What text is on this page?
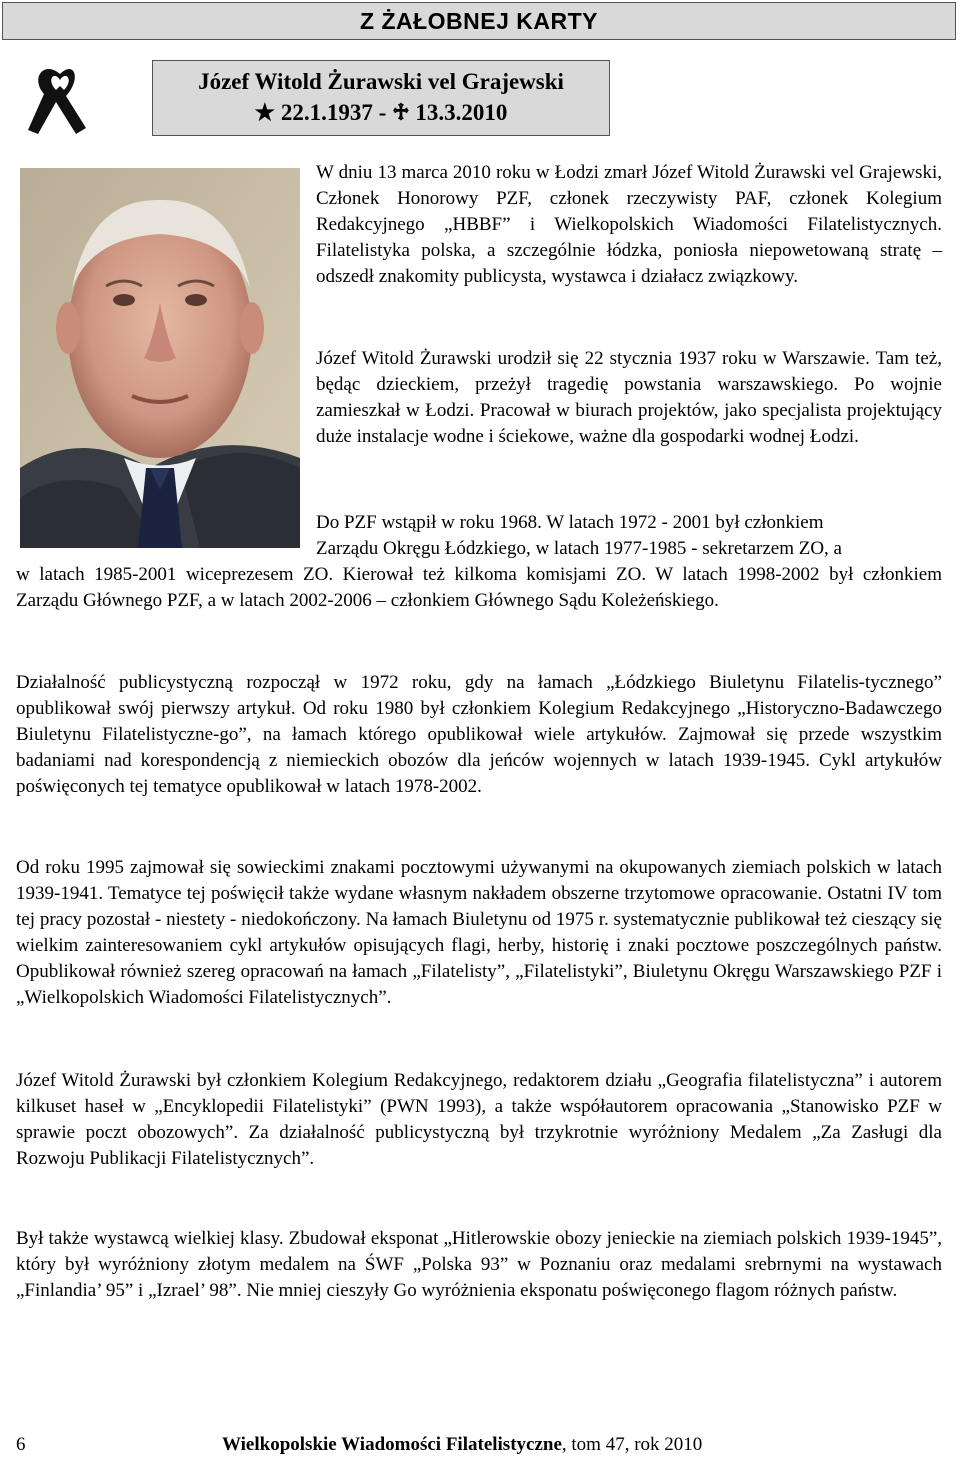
Z ŻAŁOBNEJ KARTY
Józef Witold Żurawski vel Grajewski
★ 22.1.1937 - ♱ 13.3.2010

W dniu 13 marca 2010 roku w Łodzi zmarł Józef Witold Żurawski vel Grajewski, Członek Honorowy PZF, członek rzeczywisty PAF, członek Kolegium Redakcyjnego „HBBF” i Wielkopolskich Wiadomości Filatelistycznych. Filatelistyka polska, a szczególnie łódzka, poniosła niepowetowaną stratę – odszedł znakomity publicysta, wystawca i działacz związkowy.

Józef Witold Żurawski urodził się 22 stycznia 1937 roku w Warszawie. Tam też, będąc dzieckiem, przeżył tragedię powstania warszawskiego. Po wojnie zamieszkał w Łodzi. Pracował w biurach projektów, jako specjalista projektujący duże instalacje wodne i ściekowe, ważne dla gospodarki wodnej Łodzi.

Do PZF wstąpił w roku 1968. W latach 1972 - 2001 był członkiem

Zarządu Okręgu Łódzkiego, w latach 1977-1985 - sekretarzem ZO, a

w latach 1985-2001 wiceprezesem ZO. Kierował też kilkoma komisjami ZO. W latach 1998-2002 był członkiem Zarządu Głównego PZF, a w latach 2002-2006 – członkiem Głównego Sądu Koleżeńskiego.

Działalność publicystyczną rozpoczął w 1972 roku, gdy na łamach „Łódzkiego Biuletynu Filatelis-tycznego” opublikował swój pierwszy artykuł. Od roku 1980 był członkiem Kolegium Redakcyjnego „Historyczno-Badawczego Biuletynu Filatelistyczne-go”, na łamach którego opublikował wiele artykułów. Zajmował się przede wszystkim badaniami nad korespondencją z niemieckich obozów dla jeńców wojennych w latach 1939-1945. Cykl artykułów poświęconych tej tematyce opublikował w latach 1978-2002.

Od roku 1995 zajmował się sowieckimi znakami pocztowymi używanymi na okupowanych ziemiach polskich w latach 1939-1941. Tematyce tej poświęcił także wydane własnym nakładem obszerne trzytomowe opracowanie. Ostatni IV tom tej pracy pozostał - niestety - niedokończony. Na łamach Biuletynu od 1975 r. systematycznie publikował też cieszący się wielkim zainteresowaniem cykl artykułów opisujących flagi, herby, historię i znaki pocztowe poszczególnych państw. Opublikował również szereg opracowań na łamach „Filatelisty”, „Filatelistyki”, Biuletynu Okręgu Warszawskiego PZF i „Wielkopolskich Wiadomości Filatelistycznych”.

Józef Witold Żurawski był członkiem Kolegium Redakcyjnego, redaktorem działu „Geografia filatelistyczna” i autorem kilkuset haseł w „Encyklopedii Filatelistyki” (PWN 1993), a także współautorem opracowania „Stanowisko PZF w sprawie poczt obozowych”. Za działalność publicystyczną był trzykrotnie wyróżniony Medalem „Za Zasługi dla Rozwoju Publikacji Filatelistycznych”.

Był także wystawcą wielkiej klasy. Zbudował eksponat „Hitlerowskie obozy jenieckie na ziemiach polskich 1939-1945”, który był wyróżniony złotym medalem na ŚWF „Polska 93” w Poznaniu oraz medalami srebrnymi na wystawach „Finlandia’ 95” i „Izrael’ 98”. Nie mniej cieszyły Go wyróżnienia eksponatu poświęconego flagom różnych państw.

6	Wielkopolskie Wiadomości Filatelistyczne, tom 47, rok 2010
